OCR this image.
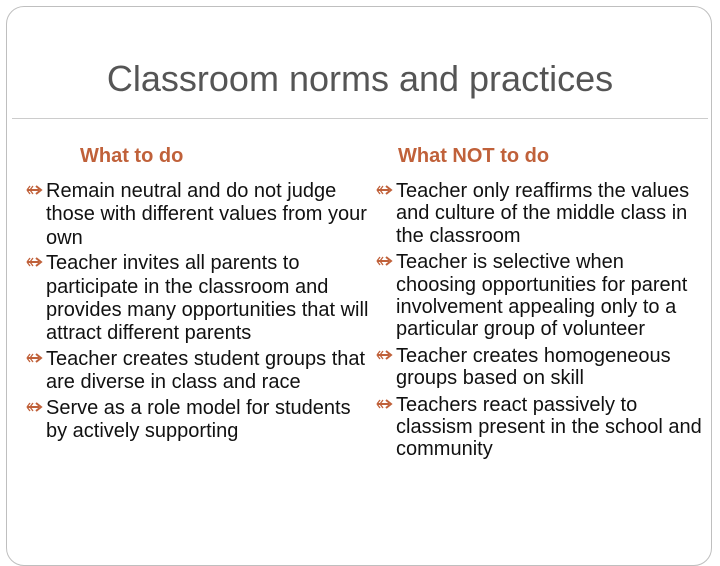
Classroom norms and practices
What to do	What NOT to do
Remain neutral and do not judge those with different values from your own
Teacher invites all parents to participate in the classroom and provides many opportunities that will attract different parents
Teacher creates student groups that are diverse in class and race
Serve as a role model for students by actively supporting
Teacher only reaffirms the values and culture of the middle class in the classroom
Teacher is selective when choosing opportunities for parent involvement appealing only to a particular group of volunteer
Teacher creates homogeneous groups based on skill
Teachers react passively to classism present in the school and community
